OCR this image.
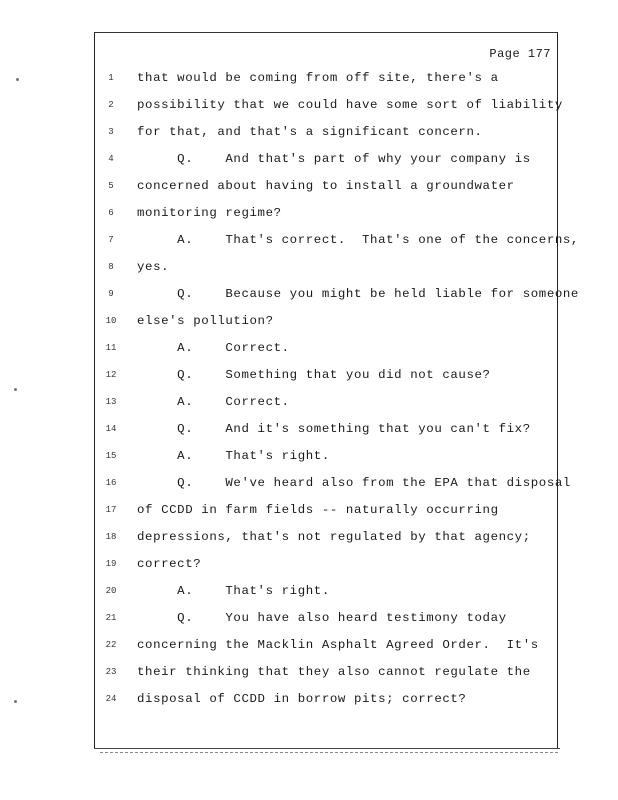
Page 177
1	that would be coming from off site, there's a
2	possibility that we could have some sort of liability
3	for that, and that's a significant concern.
4	Q.    And that's part of why your company is
5	concerned about having to install a groundwater
6	monitoring regime?
7	A.    That's correct.  That's one of the concerns,
8	yes.
9	Q.    Because you might be held liable for someone
10	else's pollution?
11	A.    Correct.
12	Q.    Something that you did not cause?
13	A.    Correct.
14	Q.    And it's something that you can't fix?
15	A.    That's right.
16	Q.    We've heard also from the EPA that disposal
17	of CCDD in farm fields -- naturally occurring
18	depressions, that's not regulated by that agency;
19	correct?
20	A.    That's right.
21	Q.    You have also heard testimony today
22	concerning the Macklin Asphalt Agreed Order.  It's
23	their thinking that they also cannot regulate the
24	disposal of CCDD in borrow pits; correct?
